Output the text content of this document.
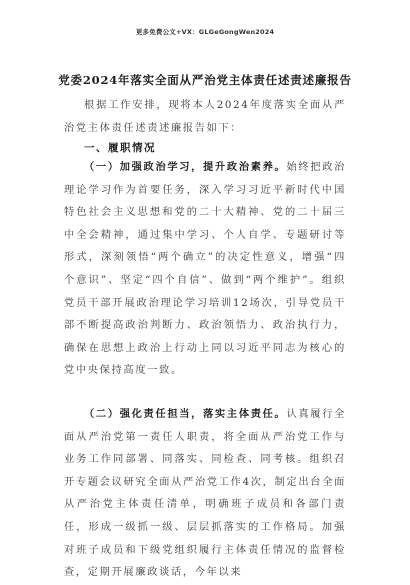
更多免费公文+VX：GLGeGongWen2024
党委2024年落实全面从严治党主体责任述责述廉报告
根据工作安排，现将本人2024年度落实全面从严治党主体责任述责述廉报告如下：
一、履职情况
（一）加强政治学习，提升政治素养。始终把政治理论学习作为首要任务，深入学习习近平新时代中国特色社会主义思想和党的二十大精神、党的二十届三中全会精神，通过集中学习、个人自学、专题研讨等形式，深刻领悟“两个确立”的决定性意义，增强“四个意识”、坚定“四个自信”、做到“两个维护”。组织党员干部开展政治理论学习培训12场次，引导党员干部不断提高政治判断力、政治领悟力、政治执行力，确保在思想上政治上行动上同以习近平同志为核心的党中央保持高度一致。
（二）强化责任担当，落实主体责任。认真履行全面从严治党第一责任人职责，将全面从严治党工作与业务工作同部署、同落实、同检查、同考核。组织召开专题会议研究全面从严治党工作4次，制定出台全面从严治党主体责任清单，明确班子成员和各部门责任，形成一级抓一级、层层抓落实的工作格局。加强对班子成员和下级党组织履行主体责任情况的监督检查，定期开展廉政谈话，今年以来
